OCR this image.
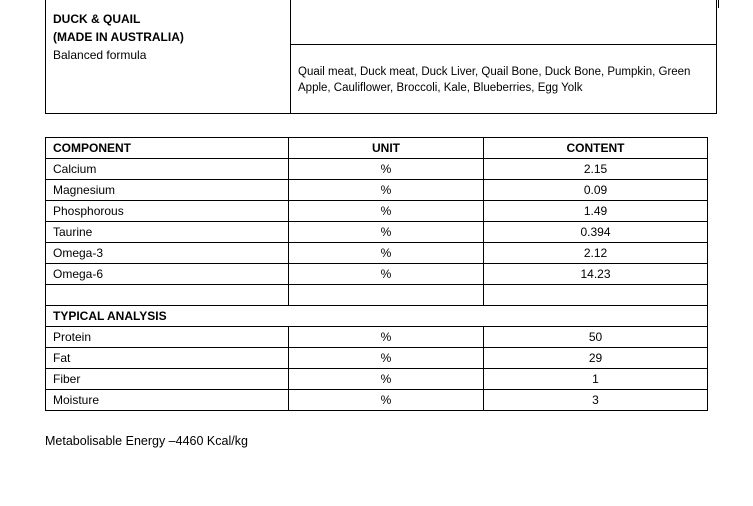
DUCK & QUAIL
(MADE IN AUSTRALIA)
Balanced formula
Quail meat, Duck meat, Duck Liver, Quail Bone, Duck Bone, Pumpkin, Green
Apple, Cauliflower, Broccoli, Kale, Blueberries, Egg Yolk
COMPONENT	UNIT	CONTENT
Calcium	%	2.15
Magnesium	%	0.09
Phosphorous	%	1.49
Taurine	%	0.394
Omega-3	%	2.12
Omega-6	%	14.23

TYPICAL ANALYSIS		
Protein	%	50
Fat	%	29
Fiber	%	1
Moisture	%	3
Metabolisable Energy –4460 Kcal/kg
